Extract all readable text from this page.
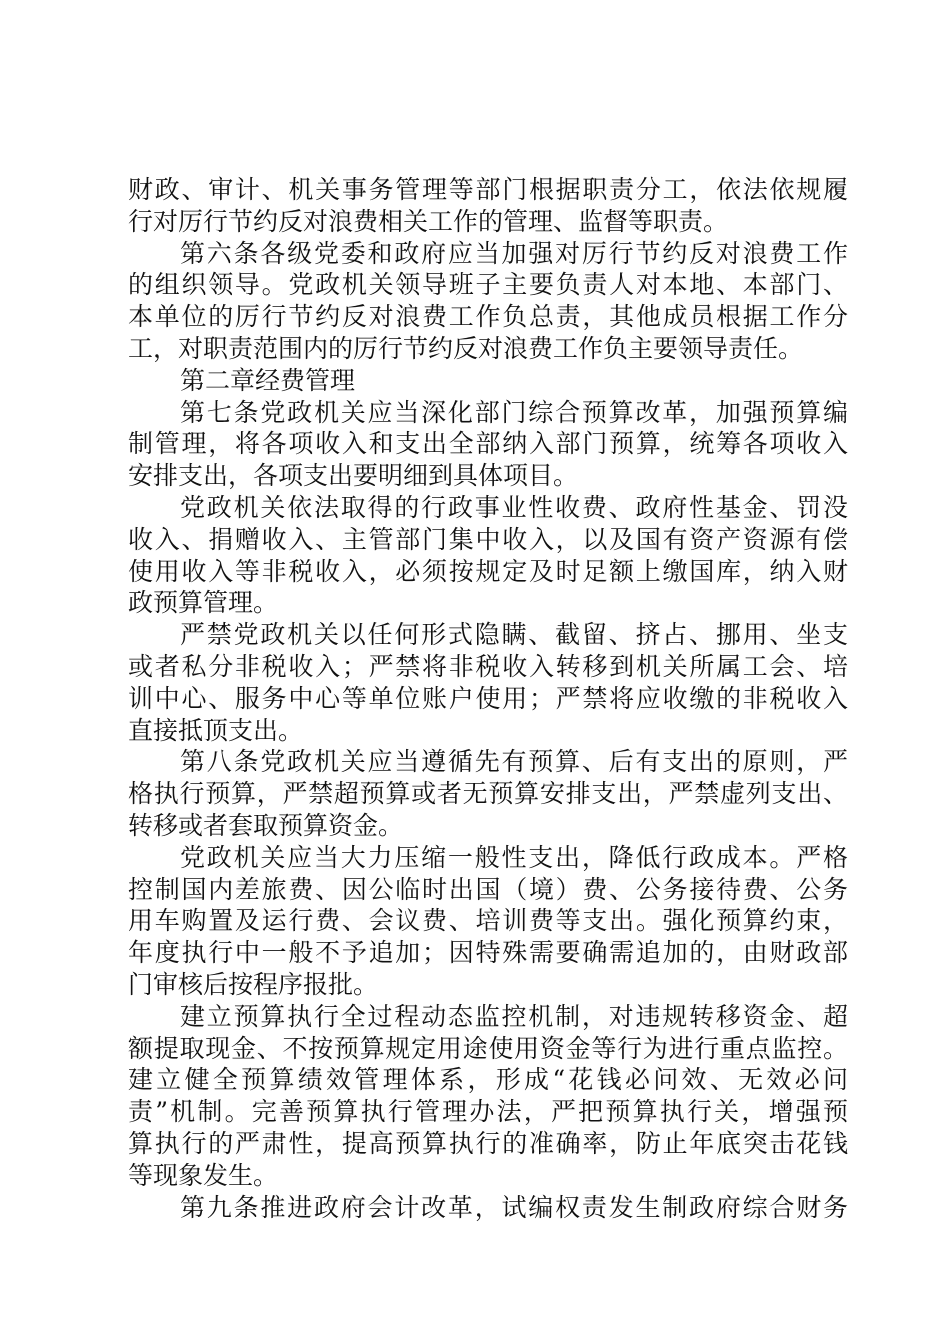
财政、审计、机关事务管理等部门根据职责分工，依法依规履
行对厉行节约反对浪费相关工作的管理、监督等职责。
第六条各级党委和政府应当加强对厉行节约反对浪费工作
的组织领导。党政机关领导班子主要负责人对本地、本部门、
本单位的厉行节约反对浪费工作负总责，其他成员根据工作分
工，对职责范围内的厉行节约反对浪费工作负主要领导责任。
第二章经费管理
第七条党政机关应当深化部门综合预算改革，加强预算编
制管理，将各项收入和支出全部纳入部门预算，统筹各项收入
安排支出，各项支出要明细到具体项目。
党政机关依法取得的行政事业性收费、政府性基金、罚没
收入、捐赠收入、主管部门集中收入，以及国有资产资源有偿
使用收入等非税收入，必须按规定及时足额上缴国库，纳入财
政预算管理。
严禁党政机关以任何形式隐瞒、截留、挤占、挪用、坐支
或者私分非税收入；严禁将非税收入转移到机关所属工会、培
训中心、服务中心等单位账户使用；严禁将应收缴的非税收入
直接抵顶支出。
第八条党政机关应当遵循先有预算、后有支出的原则，严
格执行预算，严禁超预算或者无预算安排支出，严禁虚列支出、
转移或者套取预算资金。
党政机关应当大力压缩一般性支出，降低行政成本。严格
控制国内差旅费、因公临时出国（境）费、公务接待费、公务
用车购置及运行费、会议费、培训费等支出。强化预算约束，
年度执行中一般不予追加；因特殊需要确需追加的，由财政部
门审核后按程序报批。
建立预算执行全过程动态监控机制，对违规转移资金、超
额提取现金、不按预算规定用途使用资金等行为进行重点监控。
建立健全预算绩效管理体系，形成“花钱必问效、无效必问
责”机制。完善预算执行管理办法，严把预算执行关，增强预
算执行的严肃性，提高预算执行的准确率，防止年底突击花钱
等现象发生。
第九条推进政府会计改革，试编权责发生制政府综合财务
